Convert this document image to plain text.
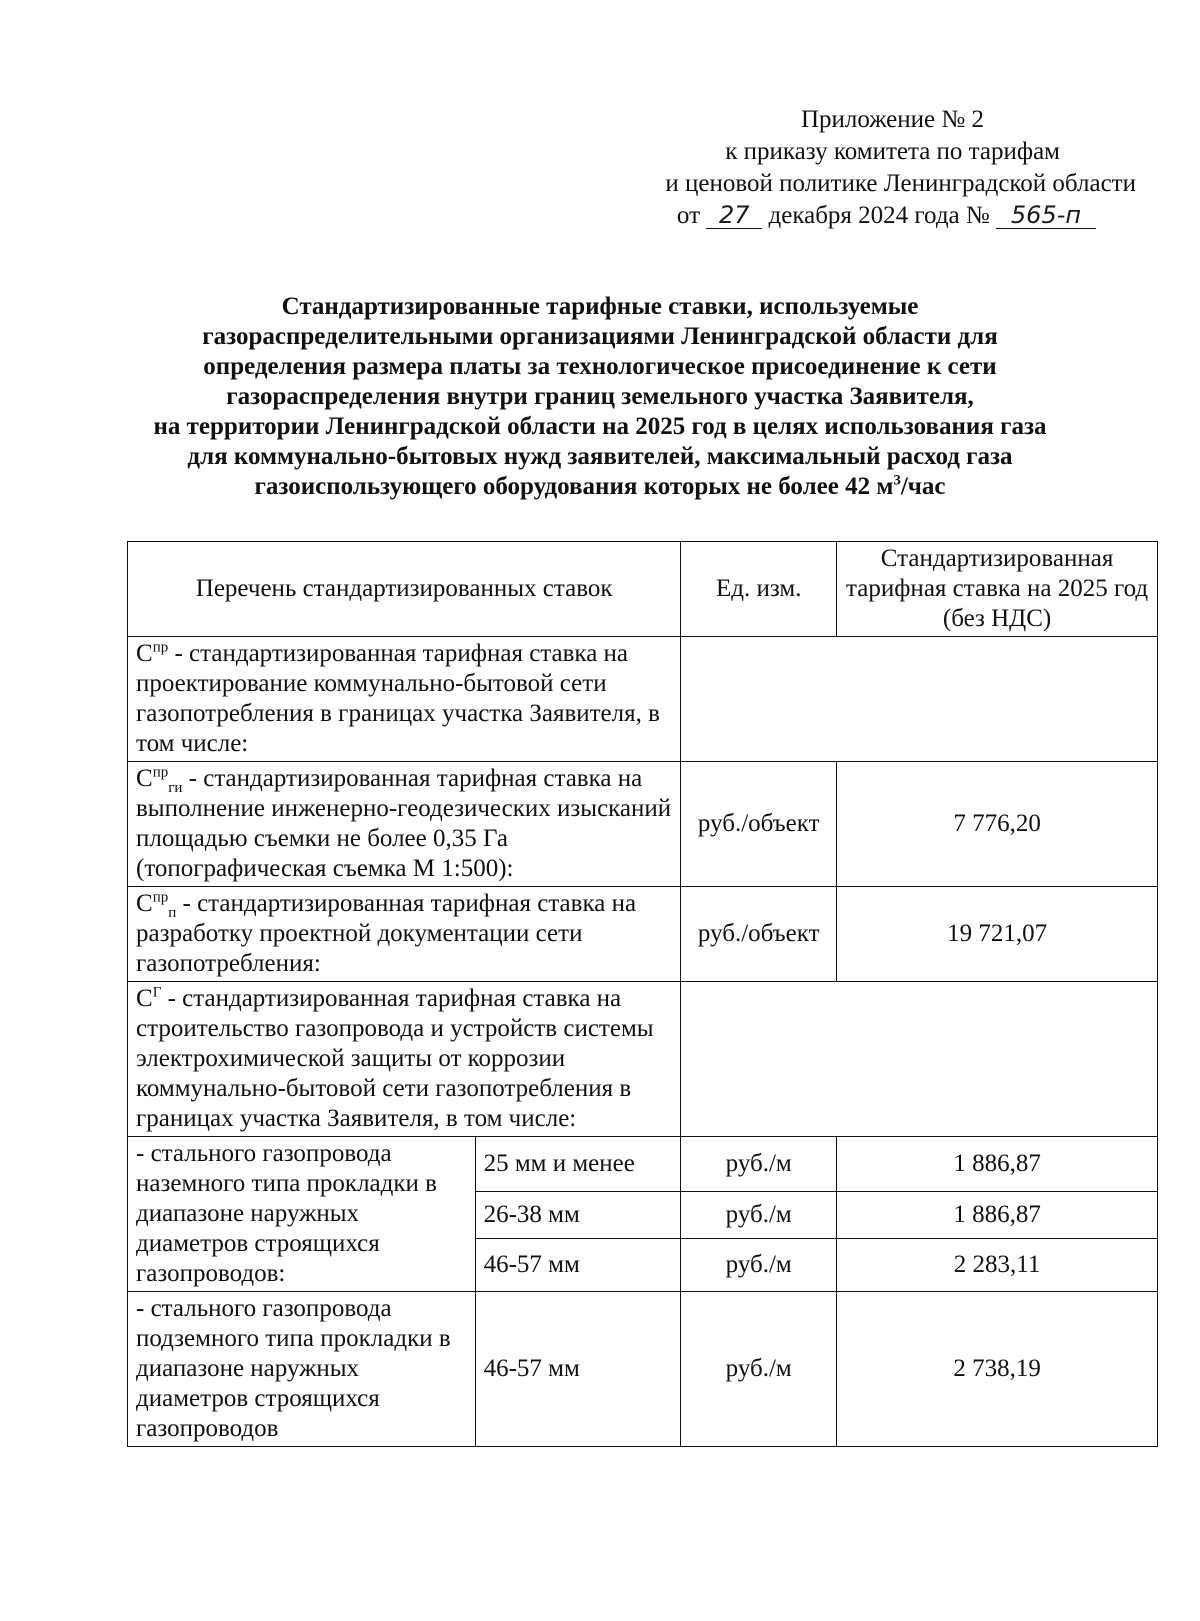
Приложение № 2
к приказу комитета по тарифам
и ценовой политике Ленинградской области
от 27 декабря 2024 года № 565-п
Стандартизированные тарифные ставки, используемые
газораспределительными организациями Ленинградской области для
определения размера платы за технологическое присоединение к сети
газораспределения внутри границ земельного участка Заявителя,
на территории Ленинградской области на 2025 год в целях использования газа
для коммунально-бытовых нужд заявителей, максимальный расход газа
газоиспользующего оборудования которых не более 42 $м^3$/час
Перечень стандартизированных ставок		Ед. изм.	Стандартизированная тарифная ставка на 2025 год (без НДС)
$С^{пр}$ - стандартизированная тарифная ставка на проектирование коммунально-бытовой сети газопотребления в границах участка Заявителя, в том числе:			
$С^{пр}_{ги}$ - стандартизированная тарифная ставка на выполнение инженерно-геодезических изысканий площадью съемки не более 0,35 Га (топографическая съемка М 1:500):		руб./объект	7 776,20
$С^{пр}_п$ - стандартизированная тарифная ставка на разработку проектной документации сети газопотребления:		руб./объект	19 721,07
$С^Г$ - стандартизированная тарифная ставка на строительство газопровода и устройств системы электрохимической защиты от коррозии коммунально-бытовой сети газопотребления в границах участка Заявителя, в том числе:			
- стального газопровода наземного типа прокладки в диапазоне наружных диаметров строящихся газопроводов:	25 мм и менее	руб./м	1 886,87
	26-38 мм	руб./м	1 886,87
	46-57 мм	руб./м	2 283,11
- стального газопровода подземного типа прокладки в диапазоне наружных диаметров строящихся газопроводов	46-57 мм	руб./м	2 738,19
